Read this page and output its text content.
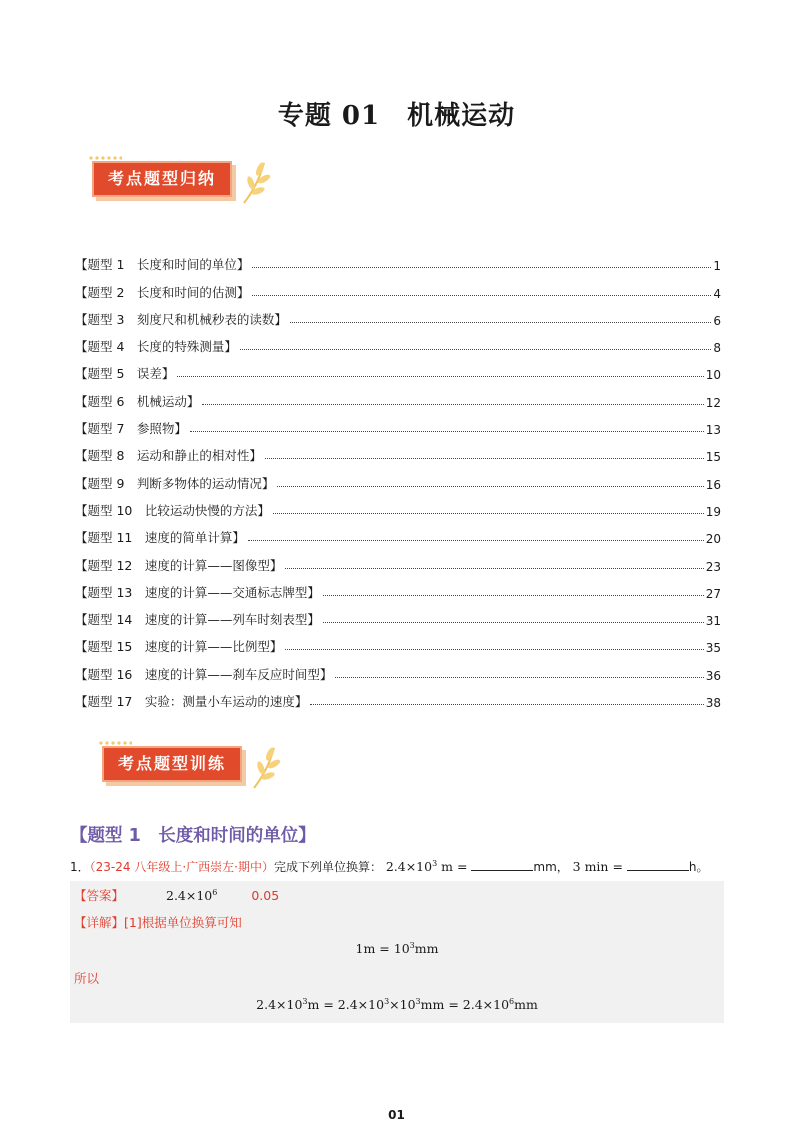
专题 01　机械运动
考点题型归纳
【题型 1　长度和时间的单位】	1
【题型 2　长度和时间的估测】	4
【题型 3　刻度尺和机械秒表的读数】	6
【题型 4　长度的特殊测量】	8
【题型 5　误差】	10
【题型 6　机械运动】	12
【题型 7　参照物】	13
【题型 8　运动和静止的相对性】	15
【题型 9　判断多物体的运动情况】	16
【题型 10　比较运动快慢的方法】	19
【题型 11　速度的简单计算】	20
【题型 12　速度的计算——图像型】	23
【题型 13　速度的计算——交通标志牌型】	27
【题型 14　速度的计算——列车时刻表型】	31
【题型 15　速度的计算——比例型】	35
【题型 16　速度的计算——刹车反应时间型】	36
【题型 17　实验：测量小车运动的速度】	38
考点题型训练
【题型 1　长度和时间的单位】
1．（23-24 八年级上·广西崇左·期中）完成下列单位换算： $2.4\times 10^3$ m =	mm， 3 min =	h。
【答案】	$2.4\times 10^6$	0.05
【详解】[1]根据单位换算可知
$1m = 10^3mm$
所以
$2.4\times 10^3m = 2.4\times 10^3\times 10^3mm = 2.4\times 10^6mm$
01
